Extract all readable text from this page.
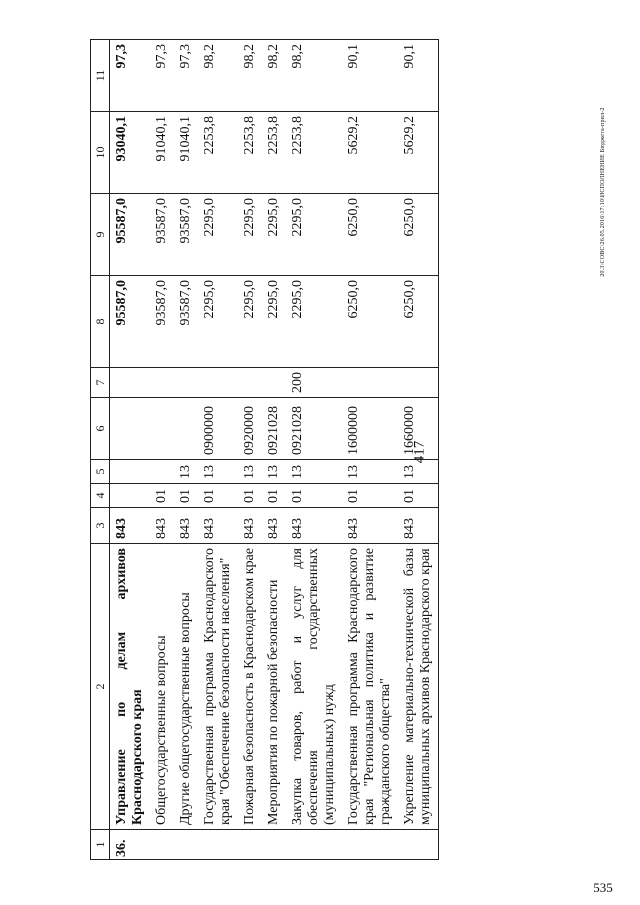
417
535
20.3\СОВС\26.05.2016\17:10\ИСПОЛНЕНИЕ Бюджета-прил-2
1	2	3	4	5	6	7	8	9	10	11
36.	Управление по делам архивов Краснодарского края	843					95587,0	95587,0	93040,1	97,3
	Общегосударственные вопросы	843	01				93587,0	93587,0	91040,1	97,3
	Другие общегосударственные вопросы	843	01	13			93587,0	93587,0	91040,1	97,3
	Государственная программа Краснодарского края "Обеспечение безопасности населения"	843	01	13	0900000		2295,0	2295,0	2253,8	98,2
	Пожарная безопасность в Краснодарском крае	843	01	13	0920000		2295,0	2295,0	2253,8	98,2
	Мероприятия по пожарной безопасности	843	01	13	0921028		2295,0	2295,0	2253,8	98,2
	Закупка товаров, работ и услуг для обеспечения государственных (муниципальных) нужд	843	01	13	0921028	200	2295,0	2295,0	2253,8	98,2
	Государственная программа Краснодарского края "Региональная политика и развитие гражданского общества"	843	01	13	1600000		6250,0	6250,0	5629,2	90,1
	Укрепление материально-технической базы муниципальных архивов Краснодарского края	843	01	13	1660000		6250,0	6250,0	5629,2	90,1
